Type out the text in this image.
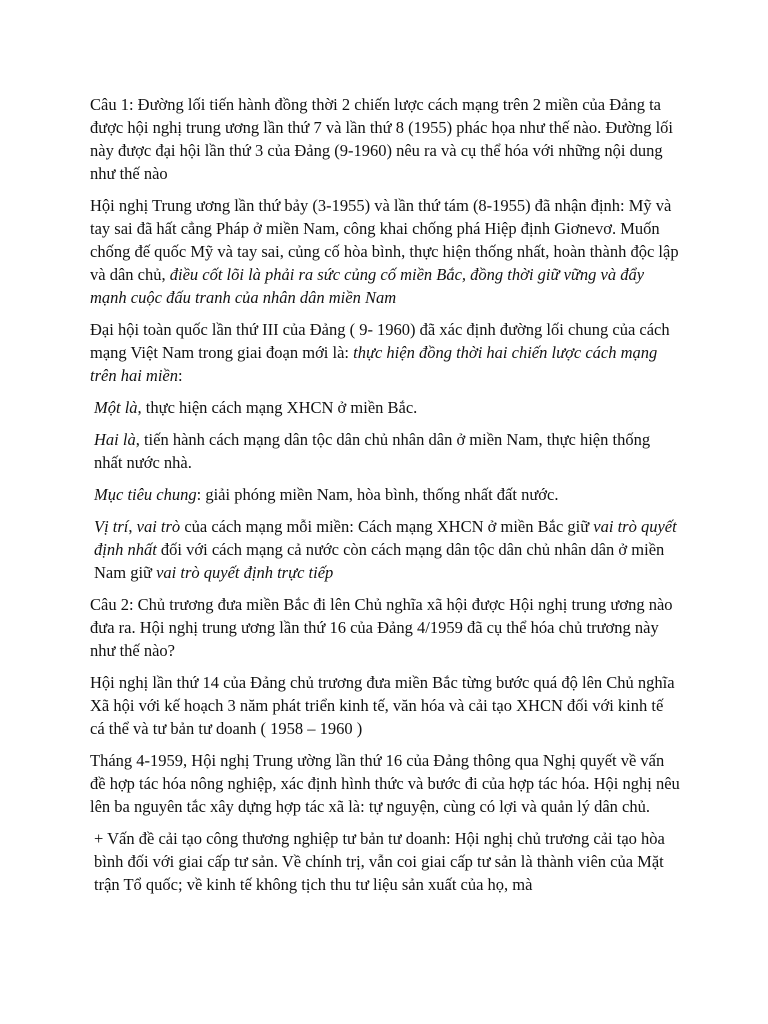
Câu 1: Đường lối tiến hành đồng thời 2 chiến lược cách mạng trên 2 miền của Đảng ta được hội nghị trung ương lần thứ 7 và lần thứ 8 (1955) phác họa như thế nào. Đường lối này được đại hội lần thứ 3 của Đảng (9-1960) nêu ra và cụ thể hóa với những nội dung như thế nào

Hội nghị Trung ương lần thứ bảy (3-1955) và lần thứ tám (8-1955) đã nhận định: Mỹ và tay sai đã hất cẳng Pháp ở miền Nam, công khai chống phá Hiệp định Giơnevơ. Muốn chống đế quốc Mỹ và tay sai, củng cố hòa bình, thực hiện thống nhất, hoàn thành độc lập và dân chủ, điều cốt lõi là phải ra sức củng cố miền Bắc, đồng thời giữ vững và đẩy mạnh cuộc đấu tranh của nhân dân miền Nam

Đại hội toàn quốc lần thứ III của Đảng ( 9- 1960) đã xác định đường lối chung của cách mạng Việt Nam trong giai đoạn mới là: thực hiện đồng thời hai chiến lược cách mạng trên hai miền:

Một là, thực hiện cách mạng XHCN ở miền Bắc.

Hai là, tiến hành cách mạng dân tộc dân chủ nhân dân ở miền Nam, thực hiện thống nhất nước nhà.

Mục tiêu chung: giải phóng miền Nam, hòa bình, thống nhất đất nước.

Vị trí, vai trò của cách mạng mỗi miền: Cách mạng XHCN ở miền Bắc giữ vai trò quyết định nhất đối với cách mạng cả nước còn cách mạng dân tộc dân chủ nhân dân ở miền Nam giữ vai trò quyết định trực tiếp

Câu 2: Chủ trương đưa miền Bắc đi lên Chủ nghĩa xã hội được Hội nghị trung ương nào đưa ra. Hội nghị trung ương lần thứ 16 của Đảng 4/1959 đã cụ thể hóa chủ trương này như thế nào?

Hội nghị lần thứ 14 của Đảng chủ trương đưa miền Bắc từng bước quá độ lên Chủ nghĩa Xã hội với kế hoạch 3 năm phát triển kinh tế, văn hóa và cải tạo XHCN đối với kinh tế cá thể và tư bản tư doanh ( 1958 – 1960 )

Tháng 4-1959, Hội nghị Trung ường lần thứ 16 của Đảng thông qua Nghị quyết về vấn đề hợp tác hóa nông nghiệp, xác định hình thức và bước đi của hợp tác hóa. Hội nghị nêu lên ba nguyên tắc xây dựng hợp tác xã là: tự nguyện, cùng có lợi và quản lý dân chủ.

+ Vấn đề cải tạo công thương nghiệp tư bản tư doanh: Hội nghị chủ trương cải tạo hòa bình đối với giai cấp tư sản. Về chính trị, vẫn coi giai cấp tư sản là thành viên của Mặt trận Tổ quốc; về kinh tế không tịch thu tư liệu sản xuất của họ, mà
